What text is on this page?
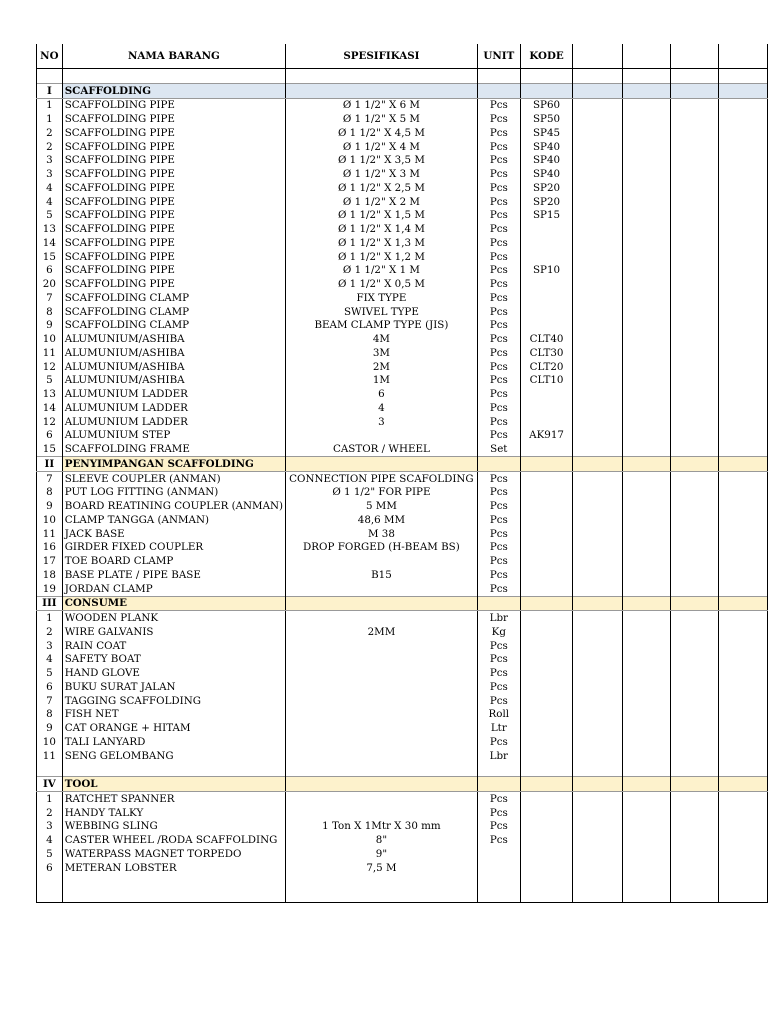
NO	NAMA BARANG	SPESIFIKASI	UNIT	KODE				

I	SCAFFOLDING							
1	SCAFFOLDING PIPE	Ø 1 1/2" X 6 M	Pcs	SP60				
1	SCAFFOLDING PIPE	Ø 1 1/2" X 5 M	Pcs	SP50				
2	SCAFFOLDING PIPE	Ø 1 1/2" X 4,5 M	Pcs	SP45				
2	SCAFFOLDING PIPE	Ø 1 1/2" X 4 M	Pcs	SP40				
3	SCAFFOLDING PIPE	Ø 1 1/2" X 3,5 M	Pcs	SP40				
3	SCAFFOLDING PIPE	Ø 1 1/2" X 3 M	Pcs	SP40				
4	SCAFFOLDING PIPE	Ø 1 1/2" X 2,5 M	Pcs	SP20				
4	SCAFFOLDING PIPE	Ø 1 1/2" X 2 M	Pcs	SP20				
5	SCAFFOLDING PIPE	Ø 1 1/2" X 1,5 M	Pcs	SP15				
13	SCAFFOLDING PIPE	Ø 1 1/2" X 1,4 M	Pcs					
14	SCAFFOLDING PIPE	Ø 1 1/2" X 1,3 M	Pcs					
15	SCAFFOLDING PIPE	Ø 1 1/2" X 1,2 M	Pcs					
6	SCAFFOLDING PIPE	Ø 1 1/2" X 1 M	Pcs	SP10				
20	SCAFFOLDING PIPE	Ø 1 1/2" X 0,5 M	Pcs					
7	SCAFFOLDING CLAMP	FIX TYPE	Pcs					
8	SCAFFOLDING CLAMP	SWIVEL TYPE	Pcs					
9	SCAFFOLDING CLAMP	BEAM CLAMP TYPE (JIS)	Pcs					
10	ALUMUNIUM/ASHIBA	4M	Pcs	CLT40				
11	ALUMUNIUM/ASHIBA	3M	Pcs	CLT30				
12	ALUMUNIUM/ASHIBA	2M	Pcs	CLT20				
5	ALUMUNIUM/ASHIBA	1M	Pcs	CLT10				
13	ALUMUNIUM LADDER	6	Pcs					
14	ALUMUNIUM LADDER	4	Pcs					
12	ALUMUNIUM LADDER	3	Pcs					
6	ALUMUNIUM STEP		Pcs	AK917				
15	SCAFFOLDING FRAME	CASTOR / WHEEL	Set					
II	PENYIMPANGAN SCAFFOLDING							
7	SLEEVE COUPLER (ANMAN)	CONNECTION PIPE SCAFOLDING	Pcs					
8	PUT LOG FITTING (ANMAN)	Ø 1 1/2" FOR PIPE	Pcs					
9	BOARD REATINING COUPLER (ANMAN)	5 MM	Pcs					
10	CLAMP TANGGA (ANMAN)	48,6 MM	Pcs					
11	JACK BASE	M 38	Pcs					
16	GIRDER FIXED COUPLER	DROP FORGED (H-BEAM BS)	Pcs					
17	TOE BOARD CLAMP		Pcs					
18	BASE PLATE / PIPE BASE	B15	Pcs					
19	JORDAN CLAMP		Pcs					
III	CONSUME							
1	WOODEN PLANK		Lbr					
2	WIRE GALVANIS	2MM	Kg					
3	RAIN COAT		Pcs					
4	SAFETY BOAT		Pcs					
5	HAND GLOVE		Pcs					
6	BUKU SURAT JALAN		Pcs					
7	TAGGING SCAFFOLDING		Pcs					
8	FISH NET		Roll					
9	CAT ORANGE + HITAM		Ltr					
10	TALI LANYARD		Pcs					
11	SENG GELOMBANG		Lbr					

IV	TOOL							
1	RATCHET SPANNER		Pcs					
2	HANDY TALKY		Pcs					
3	WEBBING SLING	1 Ton X 1Mtr X 30 mm	Pcs					
4	CASTER WHEEL /RODA SCAFFOLDING	8"	Pcs					
5	WATERPASS MAGNET TORPEDO	9"						
6	METERAN LOBSTER	7,5 M						
